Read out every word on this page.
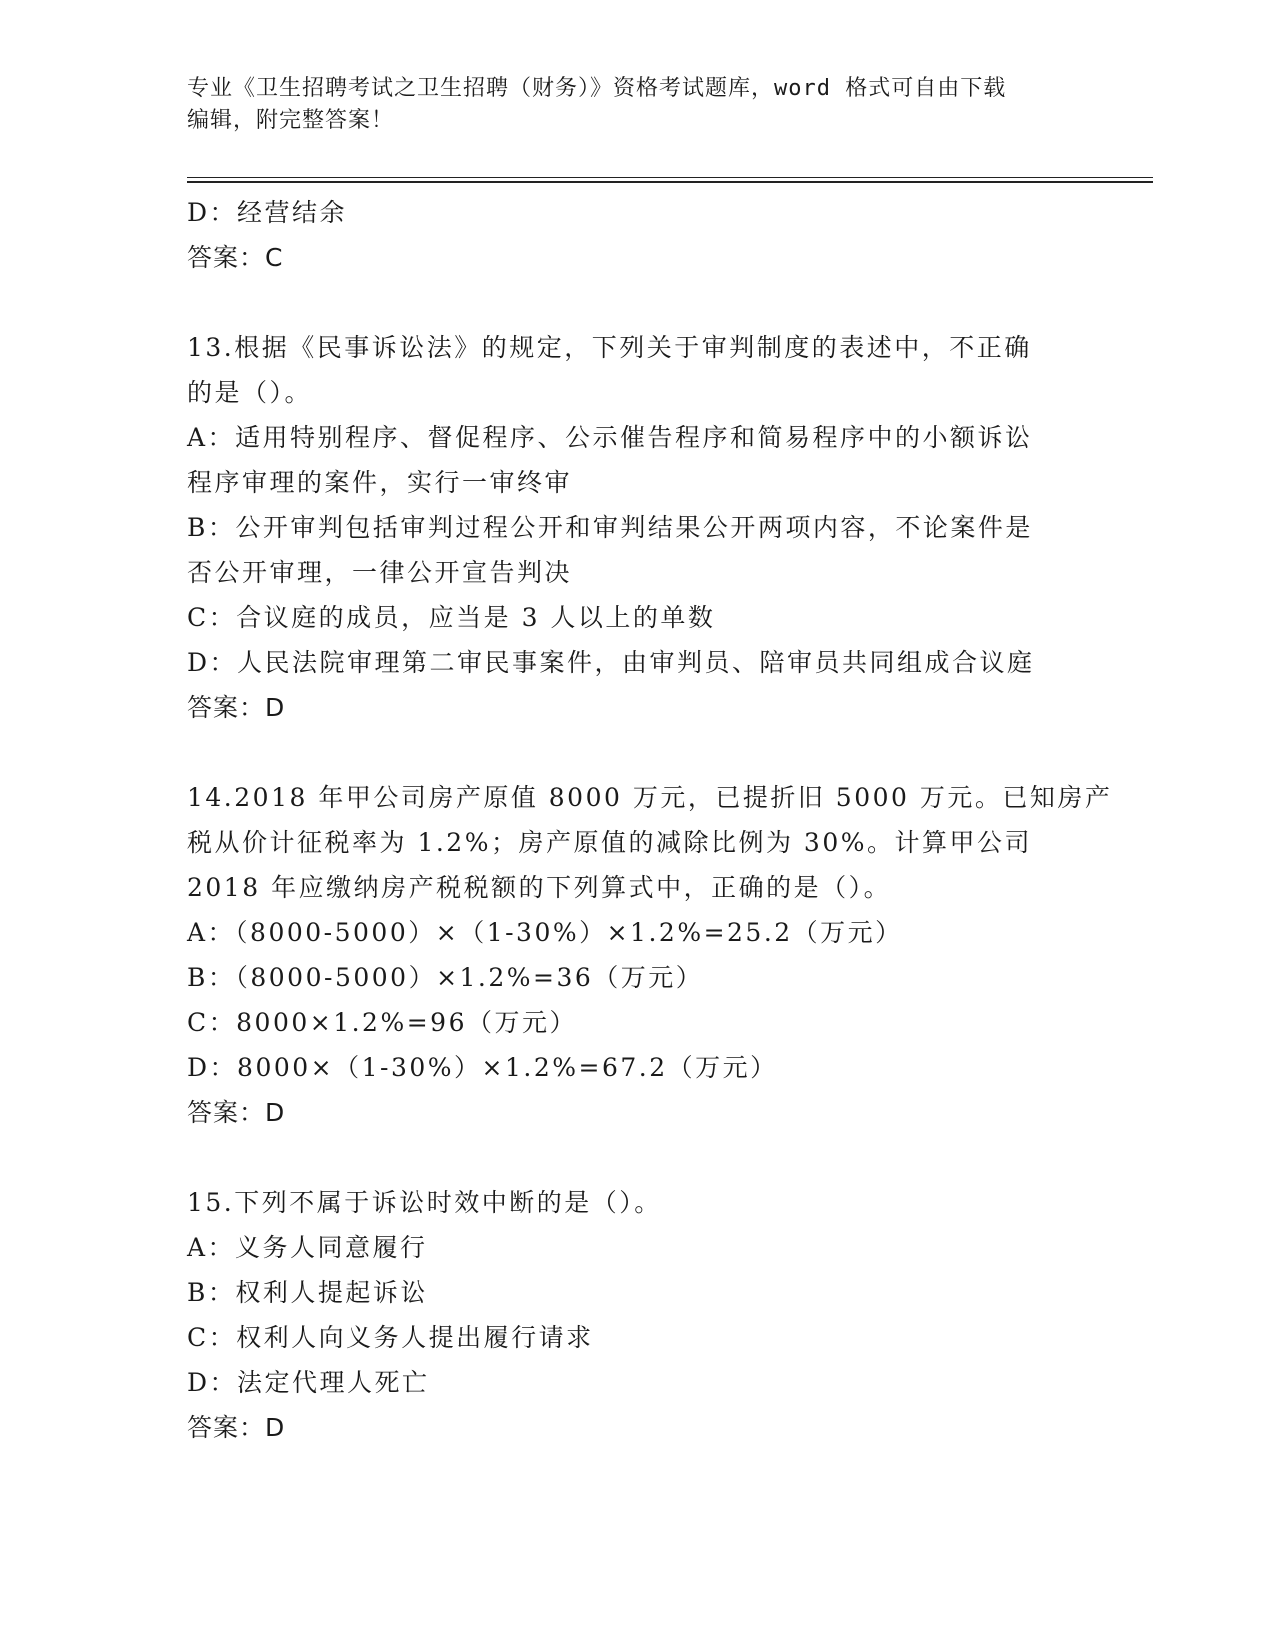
专业《卫生招聘考试之卫生招聘（财务）》资格考试题库，word 格式可自由下载
编辑，附完整答案！
D：经营结余
答案：C
13.根据《民事诉讼法》的规定，下列关于审判制度的表述中，不正确
的是（）。
A：适用特别程序、督促程序、公示催告程序和简易程序中的小额诉讼
程序审理的案件，实行一审终审
B：公开审判包括审判过程公开和审判结果公开两项内容，不论案件是
否公开审理，一律公开宣告判决
C：合议庭的成员，应当是 3 人以上的单数
D：人民法院审理第二审民事案件，由审判员、陪审员共同组成合议庭
答案：D
14.2018 年甲公司房产原值 8000 万元，已提折旧 5000 万元。已知房产
税从价计征税率为 1.2%；房产原值的减除比例为 30%。计算甲公司
2018 年应缴纳房产税税额的下列算式中，正确的是（）。
A：（8000-5000）×（1-30%）×1.2%=25.2（万元）
B：（8000-5000）×1.2%=36（万元）
C：8000×1.2%=96（万元）
D：8000×（1-30%）×1.2%=67.2（万元）
答案：D
15.下列不属于诉讼时效中断的是（）。
A：义务人同意履行
B：权利人提起诉讼
C：权利人向义务人提出履行请求
D：法定代理人死亡
答案：D
